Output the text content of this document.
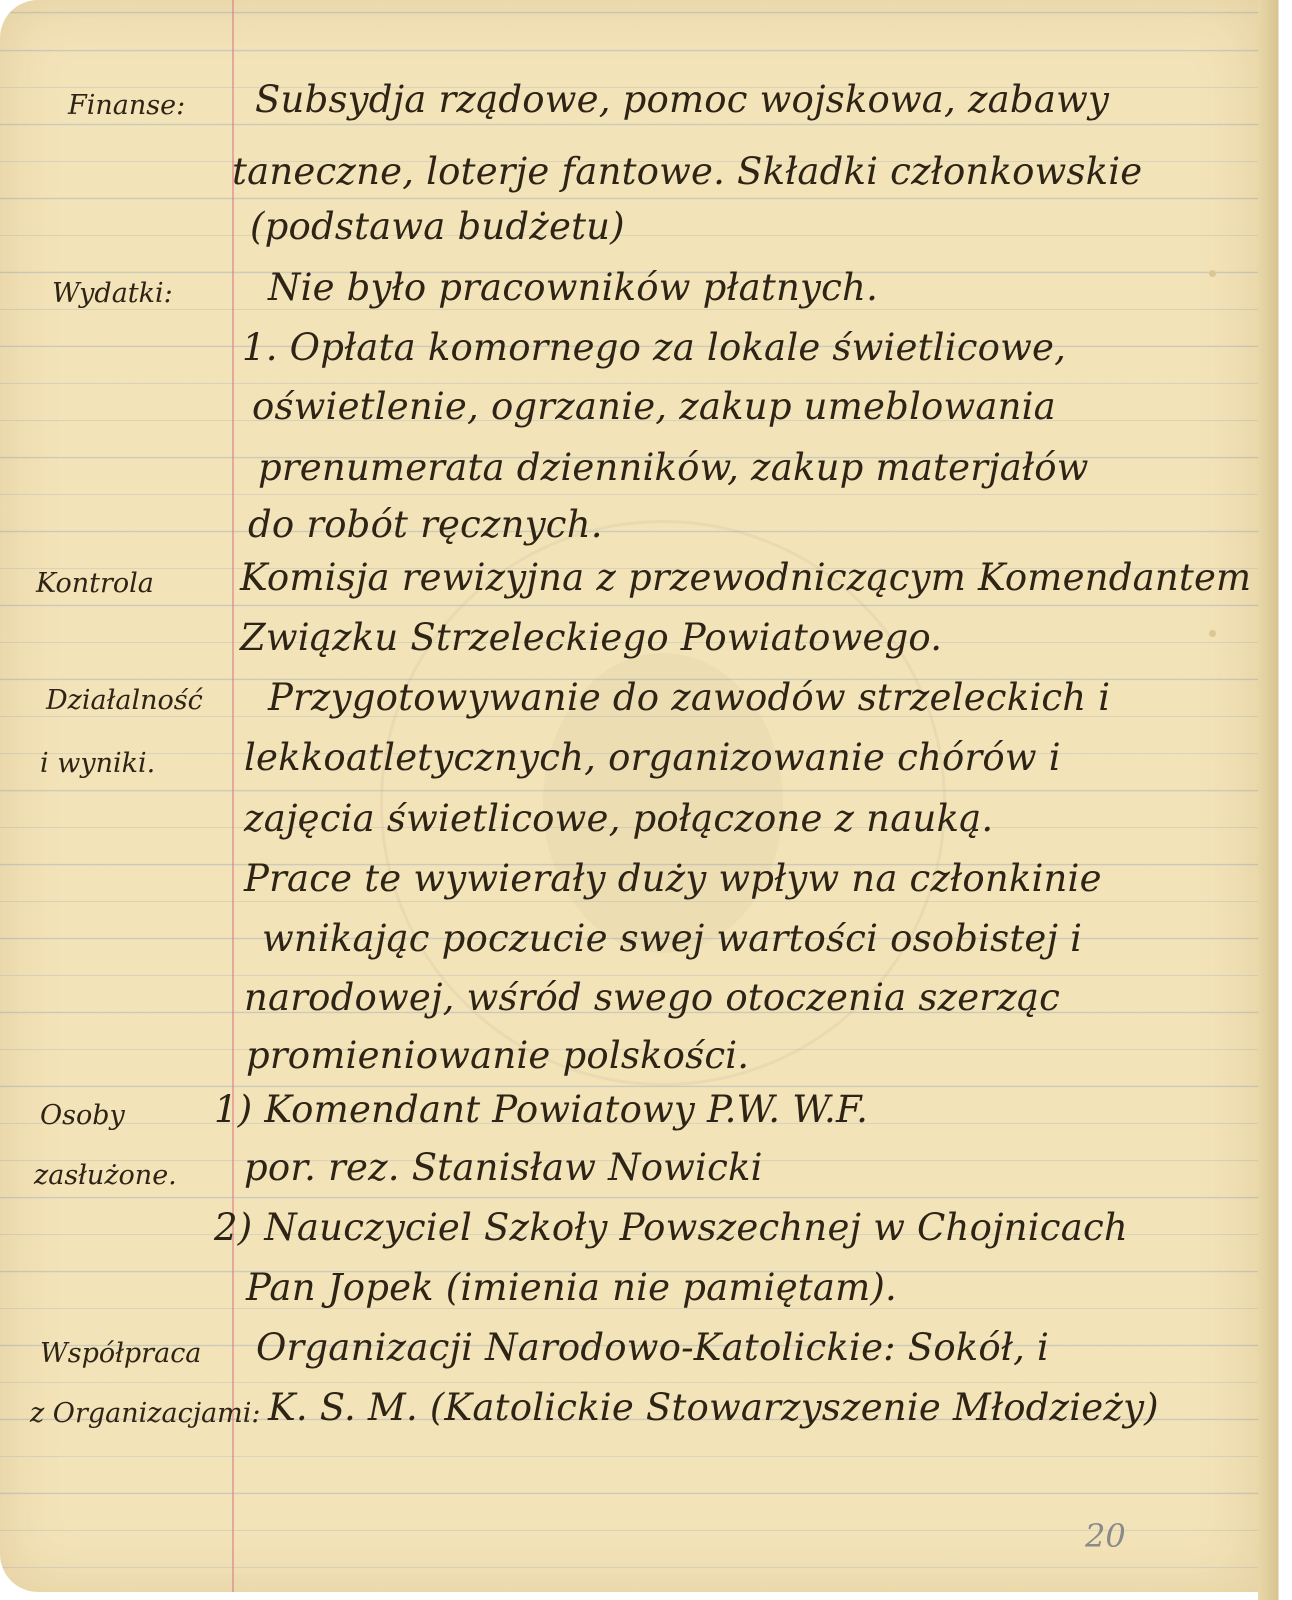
Finanse: Subsydja rządowe, pomoc wojskowa, zabawy

taneczne, loterje fantowe. Składki członkowskie

(podstawa budżetu)

Wydatki:	Nie było pracowników płatnych.

1. Opłata komornego za lokale świetlicowe,

oświetlenie, ogrzanie, zakup umeblowania

prenumerata dzienników, zakup materjałów

do robót ręcznych.

Kontrola Komisja rewizyjna z przewodniczącym Komendantem

Związku Strzeleckiego Powiatowego.

Działalność

i wyniki.

Przygotowywanie do zawodów strzeleckich i

lekkoatletycznych, organizowanie chórów i

zajęcia świetlicowe, połączone z nauką.

Prace te wywierały duży wpływ na członkinie

wnikając poczucie swej wartości osobistej i

narodowej, wśród swego otoczenia szerząc

promieniowanie polskości.

Osoby

zasłużone.

1) Komendant Powiatowy P.W. W.F.

por. rez. Stanisław Nowicki

2) Nauczyciel Szkoły Powszechnej w Chojnicach

Pan Jopek (imienia nie pamiętam).

Współpraca

z Organizacjami:

Organizacji Narodowo-Katolickie: Sokół, i

K. S. M. (Katolickie Stowarzyszenie Młodzieży)

20
